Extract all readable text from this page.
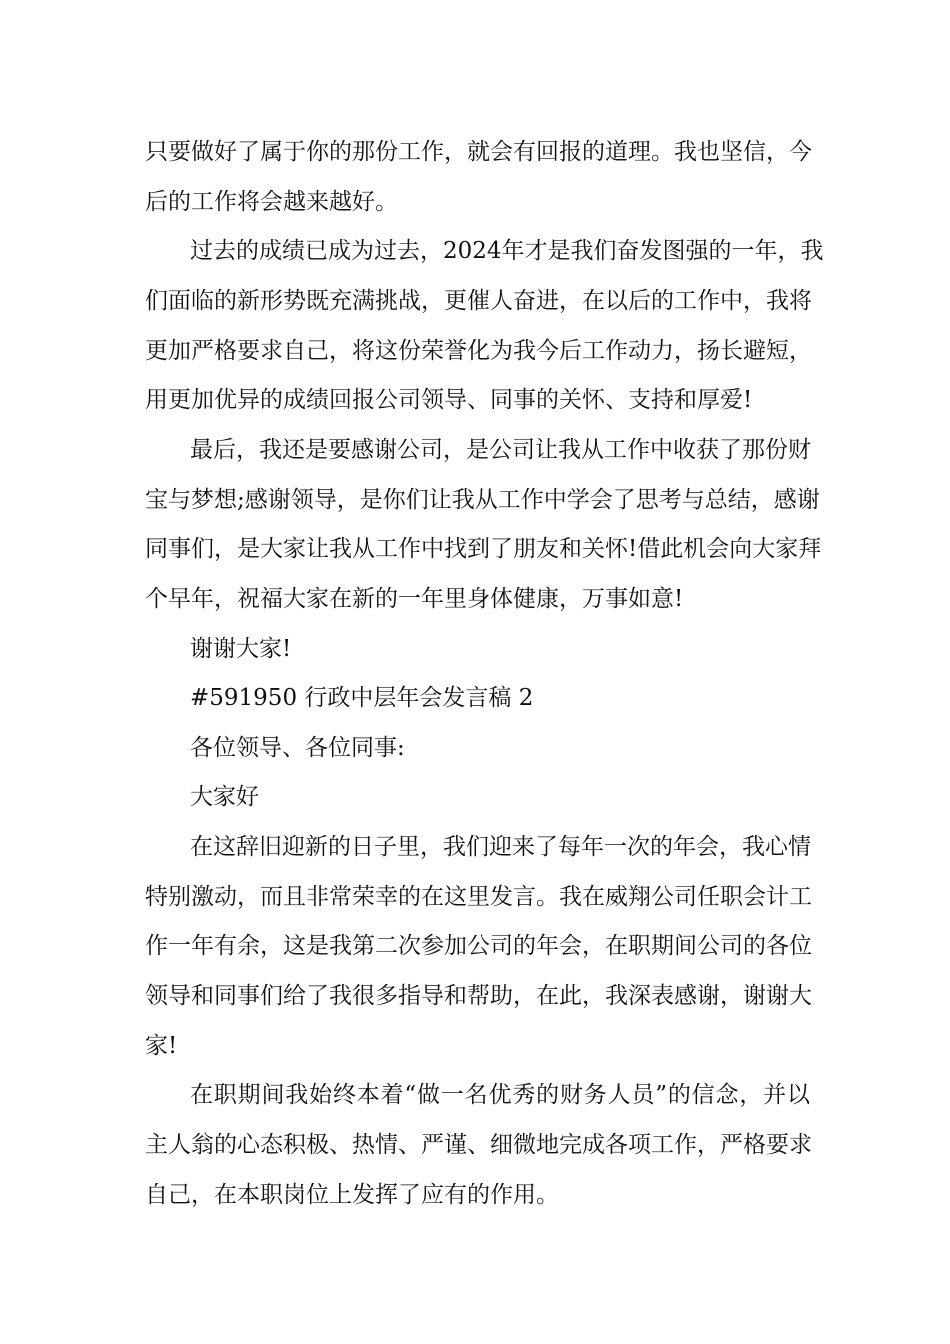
只要做好了属于你的那份工作，就会有回报的道理。我也坚信，今
后的工作将会越来越好。
过去的成绩已成为过去，2024年才是我们奋发图强的一年，我
们面临的新形势既充满挑战，更催人奋进，在以后的工作中，我将
更加严格要求自己，将这份荣誉化为我今后工作动力，扬长避短，
用更加优异的成绩回报公司领导、同事的关怀、支持和厚爱!
最后，我还是要感谢公司，是公司让我从工作中收获了那份财
宝与梦想;感谢领导，是你们让我从工作中学会了思考与总结，感谢
同事们，是大家让我从工作中找到了朋友和关怀!借此机会向大家拜
个早年，祝福大家在新的一年里身体健康，万事如意!
谢谢大家!
#591950 行政中层年会发言稿 2
各位领导、各位同事:
大家好
在这辞旧迎新的日子里，我们迎来了每年一次的年会，我心情
特别激动，而且非常荣幸的在这里发言。我在威翔公司任职会计工
作一年有余，这是我第二次参加公司的年会，在职期间公司的各位
领导和同事们给了我很多指导和帮助，在此，我深表感谢，谢谢大
家!
在职期间我始终本着“做一名优秀的财务人员”的信念，并以
主人翁的心态积极、热情、严谨、细微地完成各项工作，严格要求
自己，在本职岗位上发挥了应有的作用。
